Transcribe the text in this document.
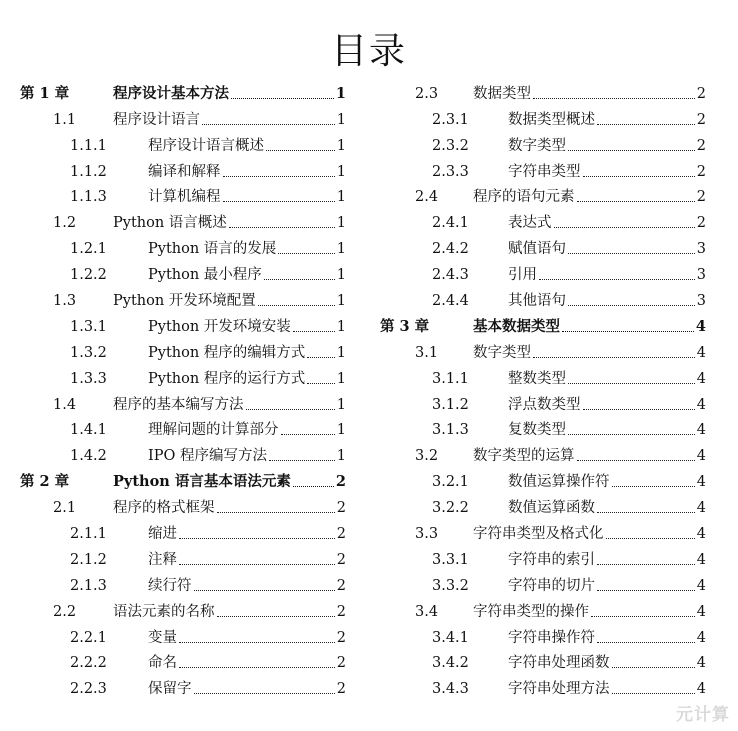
目录
第 1 章	程序设计基本方法	1
1.1	程序设计语言	1
1.1.1	程序设计语言概述	1
1.1.2	编译和解释	1
1.1.3	计算机编程	1
1.2	Python 语言概述	1
1.2.1	Python 语言的发展	1
1.2.2	Python 最小程序	1
1.3	Python 开发环境配置	1
1.3.1	Python 开发环境安装	1
1.3.2	Python 程序的编辑方式 1
1.3.3	Python 程序的运行方式 1
1.4	程序的基本编写方法	1
1.4.1	理解问题的计算部分	1
1.4.2	IPO 程序编写方法	1
第 2 章	Python 语言基本语法元素	2
2.1	程序的格式框架	2
2.1.1	缩进	2
2.1.2	注释	2
2.1.3	续行符	2
2.2	语法元素的名称	2
2.2.1	变量	2
2.2.2	命名	2
2.2.3	保留字	2
2.3 数据类型	2
2.3.1	数据类型概述	2
2.3.2	数字类型	2
2.3.3	字符串类型	2
2.4 程序的语句元素	2
2.4.1	表达式	2
2.4.2	赋值语句	3
2.4.3	引用	3
2.4.4	其他语句	3
第 3 章	基本数据类型	4
3.1 数字类型	4
3.1.1	整数类型	4
3.1.2	浮点数类型	4
3.1.3	复数类型	4
3.2 数字类型的运算	4
3.2.1	数值运算操作符	4
3.2.2	数值运算函数	4
3.3 字符串类型及格式化	4
3.3.1	字符串的索引	4
3.3.2	字符串的切片	4
3.4 字符串类型的操作	4
3.4.1	字符串操作符	4
3.4.2	字符串处理函数	4
3.4.3	字符串处理方法	4
元计算
